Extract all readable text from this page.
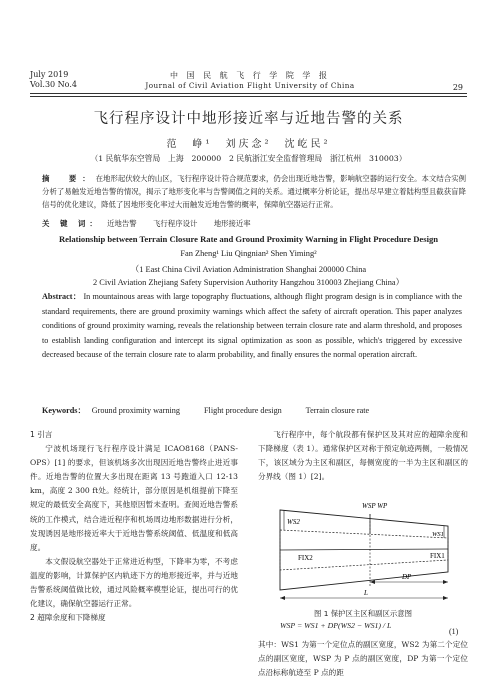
July 2019
Vol.30 No.4
中 国 民 航 飞 行 学 院 学 报
Journal of Civil Aviation Flight University of China	29
飞行程序设计中地形接近率与近地告警的关系
范　峥¹　刘庆念²　沈屹民²
（1 民航华东空管局　上海　200000　2 民航浙江安全监督管理局　浙江杭州　310003）
摘　要：在地形起伏较大的山区，飞行程序设计符合规范要求，仍会出现近地告警，影响航空器的运行安全。本文结合实例分析了易触发近地告警的情况，揭示了地形变化率与告警阈值之间的关系。通过概率分析论证，提出尽早建立着陆构型且截获盲降信号的优化建议，降低了因地形变化率过大而触发近地告警的概率，保障航空器运行正常。
关 键 词： 近地告警 飞行程序设计 地形接近率
Relationship between Terrain Closure Rate and Ground Proximity Warning in Flight Procedure Design
Fan Zheng¹ Liu Qingnian² Shen Yiming²
（1 East China Civil Aviation Administration Shanghai 200000 China
2 Civil Aviation Zhejiang Safety Supervision Authority Hangzhou 310003 Zhejiang China）
Abstract： In mountainous areas with large topography fluctuations, although flight program design is in compliance with the standard requirements, there are ground proximity warnings which affect the safety of aircraft operation. This paper analyzes conditions of ground proximity warning, reveals the relationship between terrain closure rate and alarm threshold, and proposes to establish landing configuration and intercept its signal optimization as soon as possible, which's triggered by excessive decreased because of the terrain closure rate to alarm probability, and finally ensures the normal operation aircraft.
Keywords： Ground proximity warning	Flight procedure design	Terrain closure rate
1 引言

宁波机场现行飞行程序设计满足 ICAO8168（PANS-OPS）[1] 的要求，但该机场多次出现因近地告警终止进近事件。近地告警的位置大多出现在距离 13 号跑道入口 12-13 km，高度 2 300 ft处。经统计，部分原因是机组提前下降至规定的最低安全高度下，其他原因暂未查明。查阅近地告警系统的工作模式，结合进近程序和机场周边地形数据进行分析，发现诱因是地形接近率大于近地告警系统阈值、低温度和低高度。

本文假设航空器处于正常进近构型，下降率为零，不考虑温度的影响，计算保护区内轨迹下方的地形接近率，并与近地告警系统阈值做比较，通过风险概率模型论证，提出可行的优化建议，确保航空器运行正常。

2 超障余度和下降梯度

飞行程序中，每个航段都有保护区及其对应的超障余度和下降梯度（表 1）。通常保护区对称于预定航迹两侧，一般情况下，该区域分为主区和副区，每侧宽度的一半为主区和副区的分界线（图 1）[2]。

WSP WP
WS2
WS1
FIX2	FIX1
DP
L
图 1 保护区主区和副区示意图
WSP = WS1 + DP(WS2 − WS1) / L
(1)
其中：WS1 为第一个定位点的副区宽度，WS2 为第二个定位点的副区宽度，WSP 为 P 点的副区宽度，DP 为第一个定位点沿标称航迹至 P 点的距
